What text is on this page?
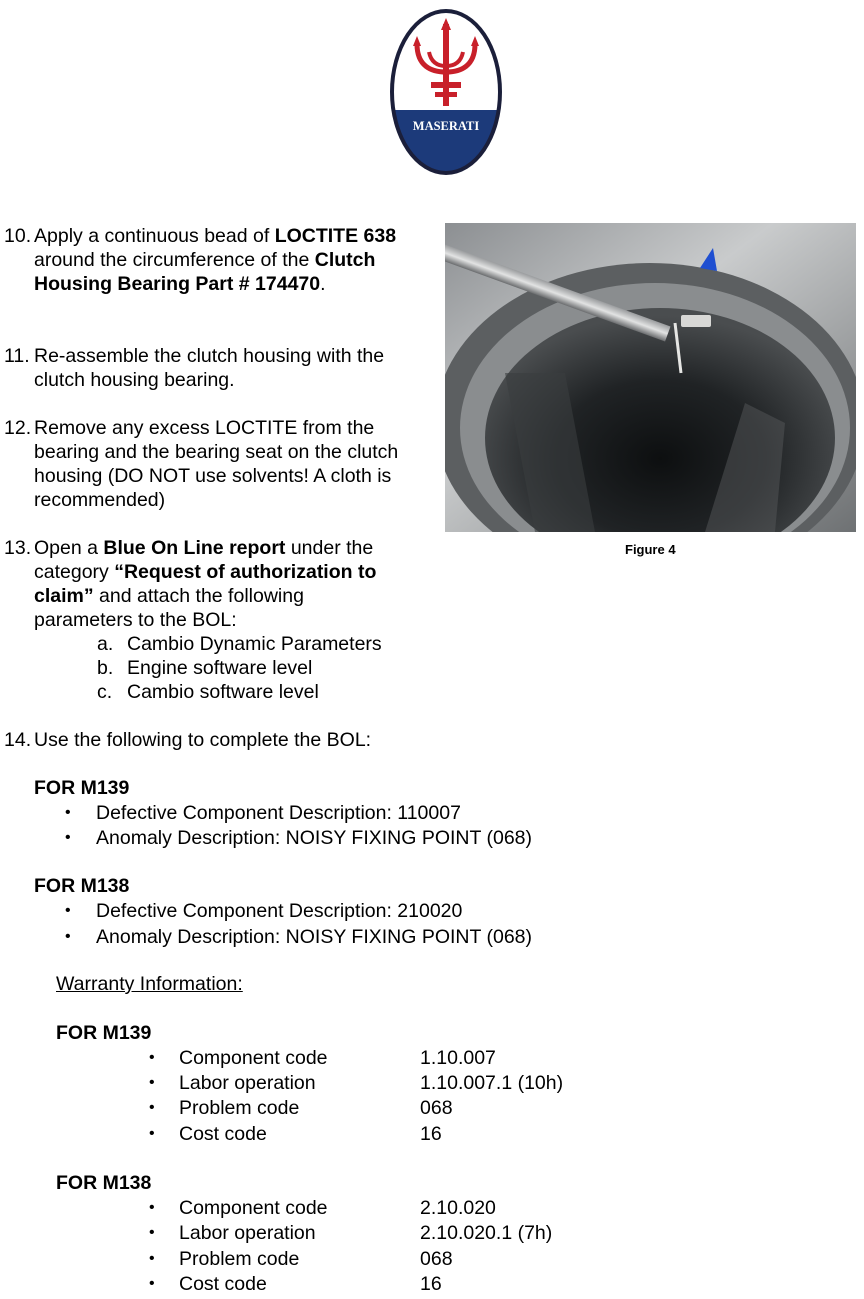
MASERATI
Figure 4
10. Apply a continuous bead of LOCTITE 638 around the circumference of the Clutch Housing Bearing Part # 174470.
11. Re-assemble the clutch housing with the clutch housing bearing.
12. Remove any excess LOCTITE from the bearing and the bearing seat on the clutch housing (DO NOT use solvents! A cloth is recommended)
13. Open a Blue On Line report under the category “Request of authorization to claim” and attach the following parameters to the BOL:
a. Cambio Dynamic Parameters
b. Engine software level
c. Cambio software level
14. Use the following to complete the BOL:
FOR M139
• Defective Component Description: 110007
• Anomaly Description: NOISY FIXING POINT (068)
FOR M138
• Defective Component Description: 210020
• Anomaly Description: NOISY FIXING POINT (068)
Warranty Information:
FOR M139
• Component code	1.10.007
• Labor operation	1.10.007.1 (10h)
• Problem code	068
• Cost code	16
FOR M138
• Component code	2.10.020
• Labor operation	2.10.020.1 (7h)
• Problem code	068
• Cost code	16
